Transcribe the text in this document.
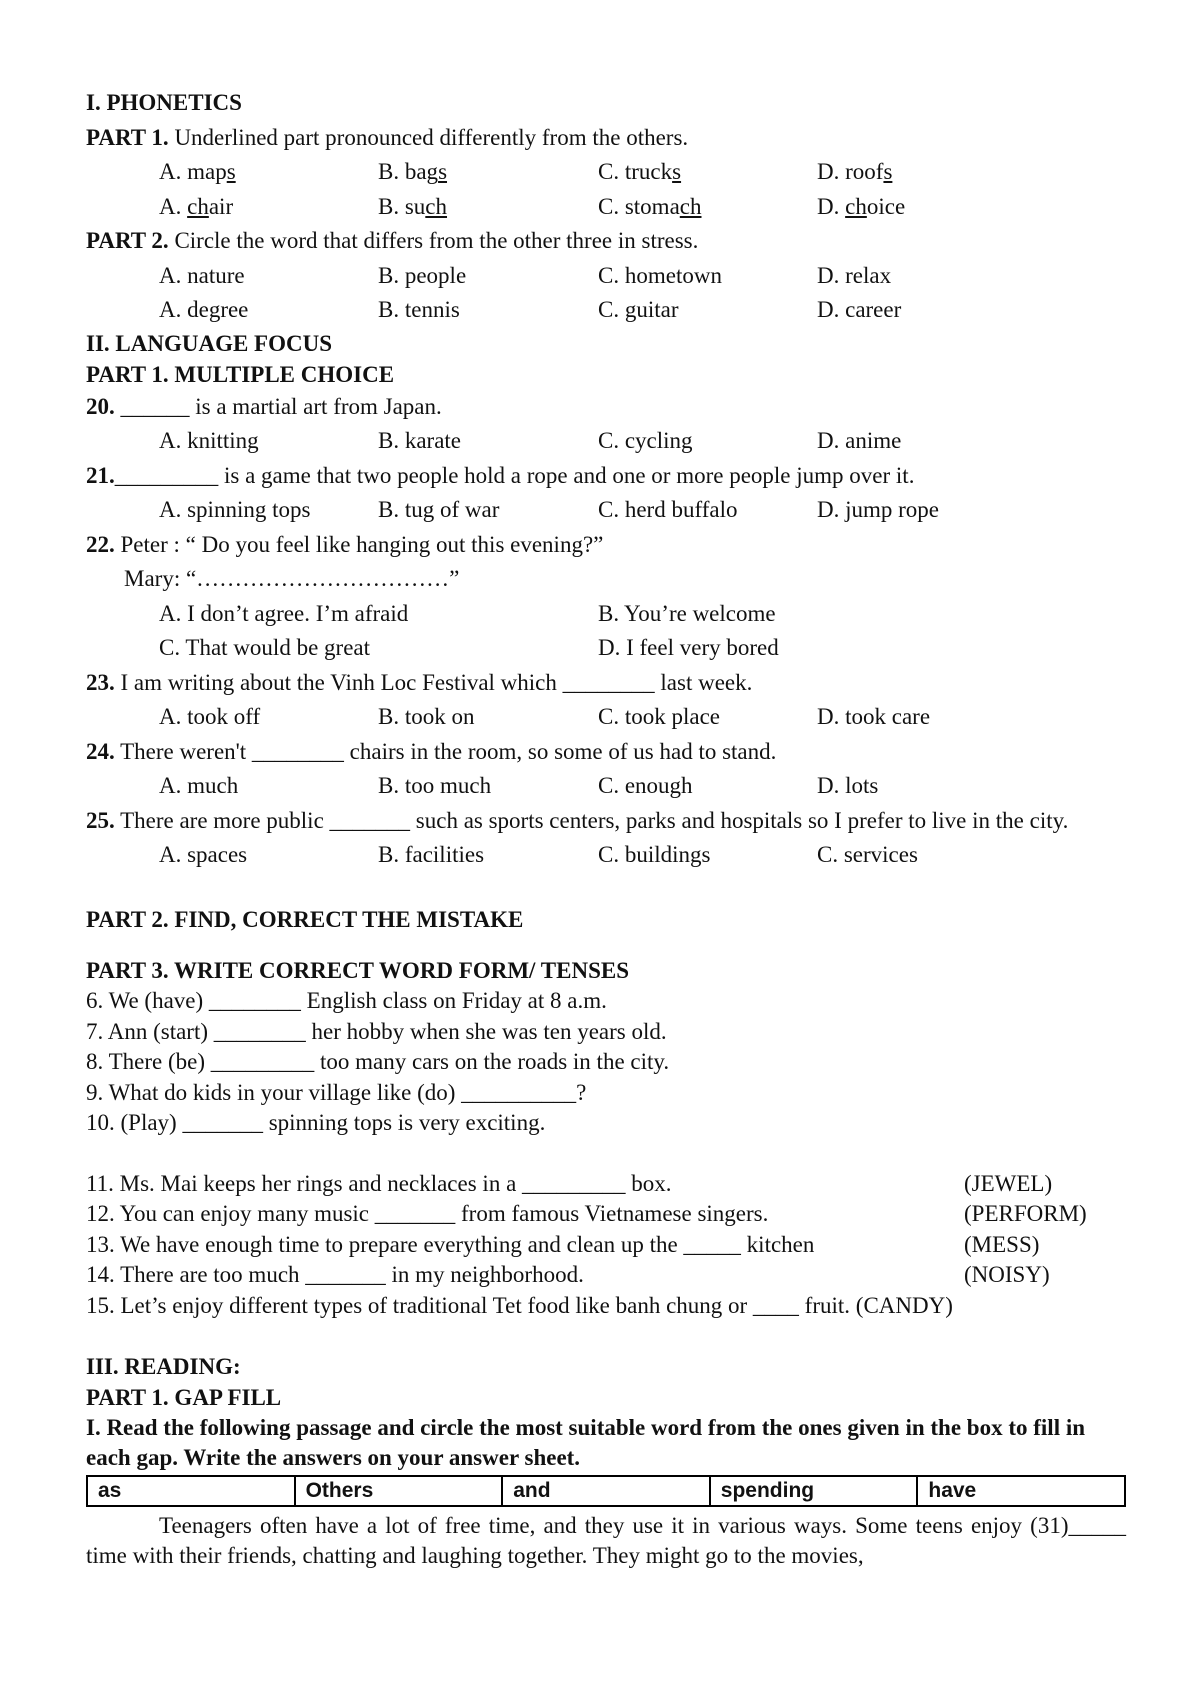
I. PHONETICS
PART 1. Underlined part pronounced differently from the others.
A. maps	B. bags	C. trucks	D. roofs
A. chair	B. such	C. stomach	D. choice
PART 2. Circle the word that differs from the other three in stress.
A. nature	B. people	C. hometown	D. relax
A. degree	B. tennis	C. guitar	D. career
II. LANGUAGE FOCUS
PART 1. MULTIPLE CHOICE
20. ______ is a martial art from Japan.
A. knitting	B. karate	C. cycling	D. anime
21._________ is a game that two people hold a rope and one or more people jump over it.
A. spinning tops	B. tug of war	C. herd buffalo	D. jump rope
22. Peter : “ Do you feel like hanging out this evening?”
Mary: “……………………………”
A. I don’t agree. I’m afraid	B. You’re welcome
C. That would be great	D. I feel very bored
23. I am writing about the Vinh Loc Festival which ________ last week.
A. took off	B. took on	C. took place	D. took care
24. There weren't ________ chairs in the room, so some of us had to stand.
A. much	B. too much	C. enough	D. lots
25. There are more public _______ such as sports centers, parks and hospitals so I prefer to live in the city.
A. spaces	B. facilities	C. buildings	C. services
PART 2. FIND, CORRECT THE MISTAKE
PART 3. WRITE CORRECT WORD FORM/ TENSES
6. We (have) ________ English class on Friday at 8 a.m.
7. Ann (start) ________ her hobby when she was ten years old.
8. There (be) _________ too many cars on the roads in the city.
9. What do kids in your village like (do) __________?
10. (Play) _______ spinning tops is very exciting.
11. Ms. Mai keeps her rings and necklaces in a _________ box.	(JEWEL)
12. You can enjoy many music _______ from famous Vietnamese singers.	(PERFORM)
13. We have enough time to prepare everything and clean up the _____ kitchen	(MESS)
14. There are too much _______ in my neighborhood.	(NOISY)
15. Let’s enjoy different types of traditional Tet food like banh chung or ____ fruit. (CANDY)
III. READING:
PART 1. GAP FILL
I. Read the following passage and circle the most suitable word from the ones given in the box to fill in each gap. Write the answers on your answer sheet.
as	Others	and	spending	have
Teenagers often have a lot of free time, and they use it in various ways. Some teens enjoy (31)_____ time with their friends, chatting and laughing together. They might go to the movies,
